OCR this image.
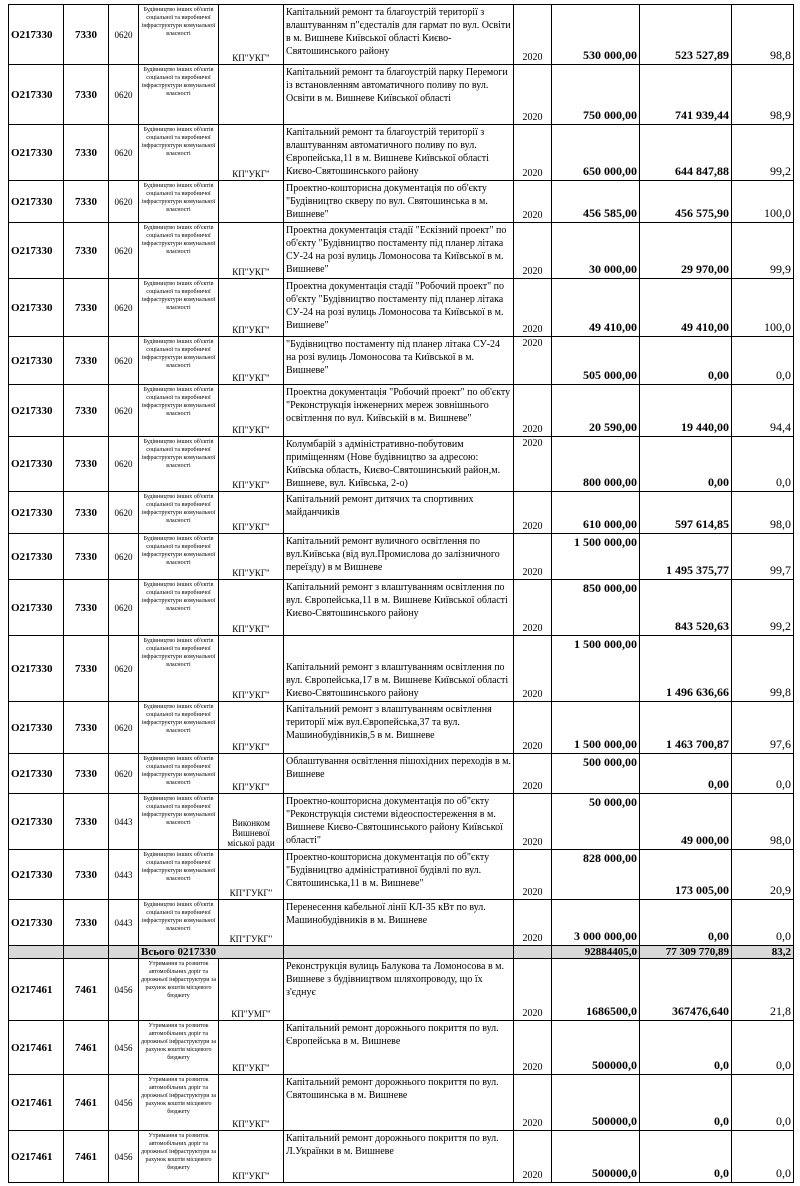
О217330	7330	0620	Будівництво інших об'єктів соціальної та виробничої інфраструктури комунальної власності	КП"УКГ"	Капітальний ремонт та благоустрій території з влаштуванням п"єдесталів для гармат по вул. Освіти в м. Вишневе Київської області Києво-Святошинського району	2020	530 000,00	523 527,89	98,8
О217330	7330	0620	Будівництво інших об'єктів соціальної та виробничої інфраструктури комунальної власності		Капітальний ремонт та благоустрій парку Перемоги із встановленням автоматичного поливу по вул. Освіти в м. Вишневе Київської області	2020	750 000,00	741 939,44	98,9
О217330	7330	0620	Будівництво інших об'єктів соціальної та виробничої інфраструктури комунальної власності	КП"УКГ"	Капітальний ремонт та благоустрій території з влаштуванням автоматичного поливу по вул. Європейська,11 в м. Вишневе Київської області Києво-Святошинського району	2020	650 000,00	644 847,88	99,2
О217330	7330	0620	Будівництво інших об'єктів соціальної та виробничої інфраструктури комунальної власності		Проектно-кошторисна документація по об'єкту "Будівництво скверу по вул. Святошинська в м. Вишневе"	2020	456 585,00	456 575,90	100,0
О217330	7330	0620	Будівництво інших об'єктів соціальної та виробничої інфраструктури комунальної власності	КП"УКГ"	Проектна документація стадії "Ескізний проект" по об'єкту "Будівництво постаменту під планер літака СУ-24 на розі вулиць Ломоносова та Київської в м. Вишневе"	2020	30 000,00	29 970,00	99,9
О217330	7330	0620	Будівництво інших об'єктів соціальної та виробничої інфраструктури комунальної власності	КП"УКГ"	Проектна документація стадії "Робочий проект" по об'єкту "Будівництво постаменту під планер літака СУ-24 на розі вулиць Ломоносова та Київської в м. Вишневе"	2020	49 410,00	49 410,00	100,0
О217330	7330	0620	Будівництво інших об'єктів соціальної та виробничої інфраструктури комунальної власності	КП"УКГ"	"Будівництво постаменту під планер літака СУ-24 на розі вулиць Ломоносова та Київської в м. Вишневе"	2020	505 000,00	0,00	0,0
О217330	7330	0620	Будівництво інших об'єктів соціальної та виробничої інфраструктури комунальної власності	КП"УКГ"	Проектна документація "Робочий проект" по об'єкту "Реконструкція інженерних мереж зовнішнього освітлення по вул. Київській в м. Вишневе"	2020	20 590,00	19 440,00	94,4
О217330	7330	0620	Будівництво інших об'єктів соціальної та виробничої інфраструктури комунальної власності	КП"УКГ"	Колумбарій з адміністративно-побутовим приміщенням (Нове будівництво за адресою: Київська область, Києво-Святошинський район,м. Вишневе, вул. Київська, 2-о)	2020	800 000,00	0,00	0,0
О217330	7330	0620	Будівництво інших об'єктів соціальної та виробничої інфраструктури комунальної власності	КП"УКГ"	Капітальний ремонт дитячих та спортивних майданчиків	2020	610 000,00	597 614,85	98,0
О217330	7330	0620	Будівництво інших об'єктів соціальної та виробничої інфраструктури комунальної власності	КП"УКГ"	Капітальний ремонт вуличного освітлення по вул.Київська (від вул.Промислова до залізничного переїзду) в м Вишневе	2020	1 500 000,00	1 495 375,77	99,7
О217330	7330	0620	Будівництво інших об'єктів соціальної та виробничої інфраструктури комунальної власності	КП"УКГ"	Капітальний ремонт з влаштуванням освітлення по вул. Європейська,11 в м. Вишневе Київської області Києво-Святошинського району	2020	850 000,00	843 520,63	99,2
О217330	7330	0620	Будівництво інших об'єктів соціальної та виробничої інфраструктури комунальної власності	КП"УКГ"	Капітальний ремонт з влаштуванням освітлення по вул. Європейська,17 в м. Вишневе Київської області Києво-Святошинського району	2020	1 500 000,00	1 496 636,66	99,8
О217330	7330	0620	Будівництво інших об'єктів соціальної та виробничої інфраструктури комунальної власності	КП"УКГ"	Капітальний ремонт з влаштуванням освітлення території між вул.Європейська,37 та вул. Машинобудівників,5 в м. Вишневе	2020	1 500 000,00	1 463 700,87	97,6
О217330	7330	0620	Будівництво інших об'єктів соціальної та виробничої інфраструктури комунальної власності	КП"УКГ"	Облаштування освітлення пішохідних переходів в м. Вишневе	2020	500 000,00	0,00	0,0
О217330	7330	0443	Будівництво інших об'єктів соціальної та виробничої інфраструктури комунальної власності	Виконком Вишневої міської ради	Проектно-кошторисна документація по об"єкту "Реконструкція системи відеоспостереження в м. Вишневе Києво-Святошинського району Київської області"	2020	50 000,00	49 000,00	98,0
О217330	7330	0443	Будівництво інших об'єктів соціальної та виробничої інфраструктури комунальної власності	КП"ГУКГ"	Проектно-кошторисна документація по об"єкту "Будівництво адміністративної будівлі по вул. Святошинська,11 в м. Вишневе"	2020	828 000,00	173 005,00	20,9
О217330	7330	0443	Будівництво інших об'єктів соціальної та виробничої інфраструктури комунальної власності	КП"ГУКГ"	Перенесення кабельної лінії КЛ-35 кВт по вул. Машинобудівників в м. Вишневе	2020	3 000 000,00	0,00	0,0
			Всього 0217330				92884405,0	77 309 770,89	83,2
О217461	7461	0456	Утримання та розвиток автомобільних доріг та дорожньої інфраструктури за рахунок коштів місцевого бюджету	КП"УМГ"	Реконструкція вулиць Балукова та Ломоносова в м. Вишневе з будівництвом шляхопроводу, що їх з'єднує	2020	1686500,0	367476,640	21,8
О217461	7461	0456	Утримання та розвиток автомобільних доріг та дорожньої інфраструктури за рахунок коштів місцевого бюджету	КП"УКГ"	Капітальний ремонт дорожнього покриття по вул. Європейська в м. Вишневе	2020	500000,0	0,0	0,0
О217461	7461	0456	Утримання та розвиток автомобільних доріг та дорожньої інфраструктури за рахунок коштів місцевого бюджету	КП"УКГ"	Капітальний ремонт дорожнього покриття по вул. Святошинська в м. Вишневе	2020	500000,0	0,0	0,0
О217461	7461	0456	Утримання та розвиток автомобільних доріг та дорожньої інфраструктури за рахунок коштів місцевого бюджету	КП"УКГ"	Капітальний ремонт дорожнього покриття по вул. Л.Українки в м. Вишневе	2020	500000,0	0,0	0,0
